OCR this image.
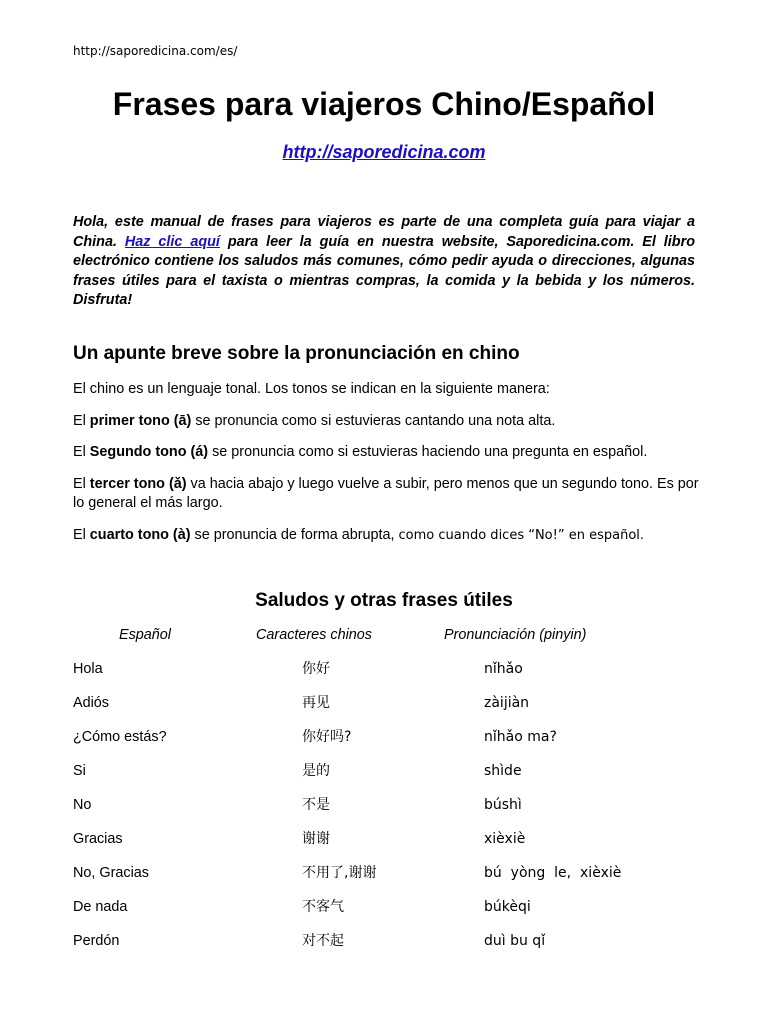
http://saporedicina.com/es/
Frases para viajeros Chino/Español
http://saporedicina.com
Hola, este manual de frases para viajeros es parte de una completa guía para viajar a China. Haz clic aquí para leer la guía en nuestra website, Saporedicina.com. El libro electrónico contiene los saludos más comunes, cómo pedir ayuda o direcciones, algunas frases útiles para el taxista o mientras compras, la comida y la bebida y los números. Disfruta!
Un apunte breve sobre la pronunciación en chino
El chino es un lenguaje tonal. Los tonos se indican en la siguiente manera:
El primer tono (ā) se pronuncia como si estuvieras cantando una nota alta.
El Segundo tono (á) se pronuncia como si estuvieras haciendo una pregunta en español.
El tercer tono (ǎ) va hacia abajo y luego vuelve a subir, pero menos que un segundo tono. Es por lo general el más largo.
El cuarto tono (à) se pronuncia de forma abrupta, como cuando dices “No!” en español.
Saludos y otras frases útiles
Español	Caracteres chinos	Pronunciación (pinyin)
Hola	你好	nǐhǎo
Adiós	再见	zàijiàn
¿Cómo estás?	你好吗?	nǐhǎo ma?
Si	是的	shìde
No	不是	búshì
Gracias	谢谢	xièxiè
No, Gracias	不用了,谢谢	bú  yòng  le,  xièxiè
De nada	不客气	búkèqi
Perdón	对不起	duì bu qǐ
